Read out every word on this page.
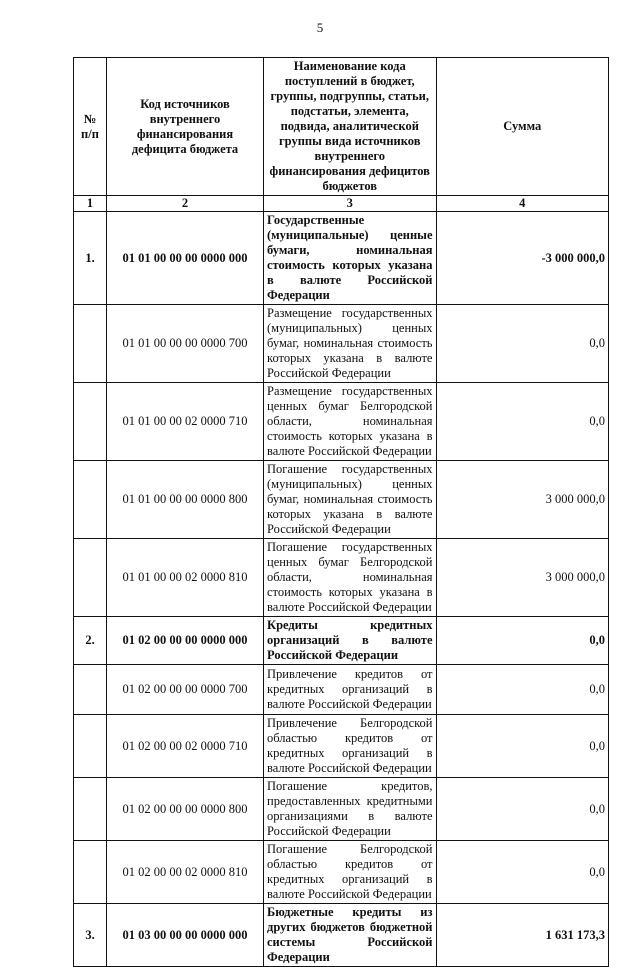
5
№ п/п	Код источников внутреннего финансирования дефицита бюджета	Наименование кода поступлений в бюджет, группы, подгруппы, статьи, подстатьи, элемента, подвида, аналитической группы вида источников внутреннего финансирования дефицитов бюджетов	Сумма
1	2	3	4
1.	01 01 00 00 00 0000 000	Государственные (муниципальные) ценные бумаги, номинальная стоимость которых указана в валюте Российской Федерации	-3 000 000,0
	01 01 00 00 00 0000 700	Размещение государственных (муниципальных) ценных бумаг, номинальная стоимость которых указана в валюте Российской Федерации	0,0
	01 01 00 00 02 0000 710	Размещение государственных ценных бумаг Белгородской области, номинальная стоимость которых указана в валюте Российской Федерации	0,0
	01 01 00 00 00 0000 800	Погашение государственных (муниципальных) ценных бумаг, номинальная стоимость которых указана в валюте Российской Федерации	3 000 000,0
	01 01 00 00 02 0000 810	Погашение государственных ценных бумаг Белгородской области, номинальная стоимость которых указана в валюте Российской Федерации	3 000 000,0
2.	01 02 00 00 00 0000 000	Кредиты кредитных организаций в валюте Российской Федерации	0,0
	01 02 00 00 00 0000 700	Привлечение кредитов от кредитных организаций в валюте Российской Федерации	0,0
	01 02 00 00 02 0000 710	Привлечение Белгородской областью кредитов от кредитных организаций в валюте Российской Федерации	0,0
	01 02 00 00 00 0000 800	Погашение кредитов, предоставленных кредитными организациями в валюте Российской Федерации	0,0
	01 02 00 00 02 0000 810	Погашение Белгородской областью кредитов от кредитных организаций в валюте Российской Федерации	0,0
3.	01 03 00 00 00 0000 000	Бюджетные кредиты из других бюджетов бюджетной системы Российской Федерации	1 631 173,3
